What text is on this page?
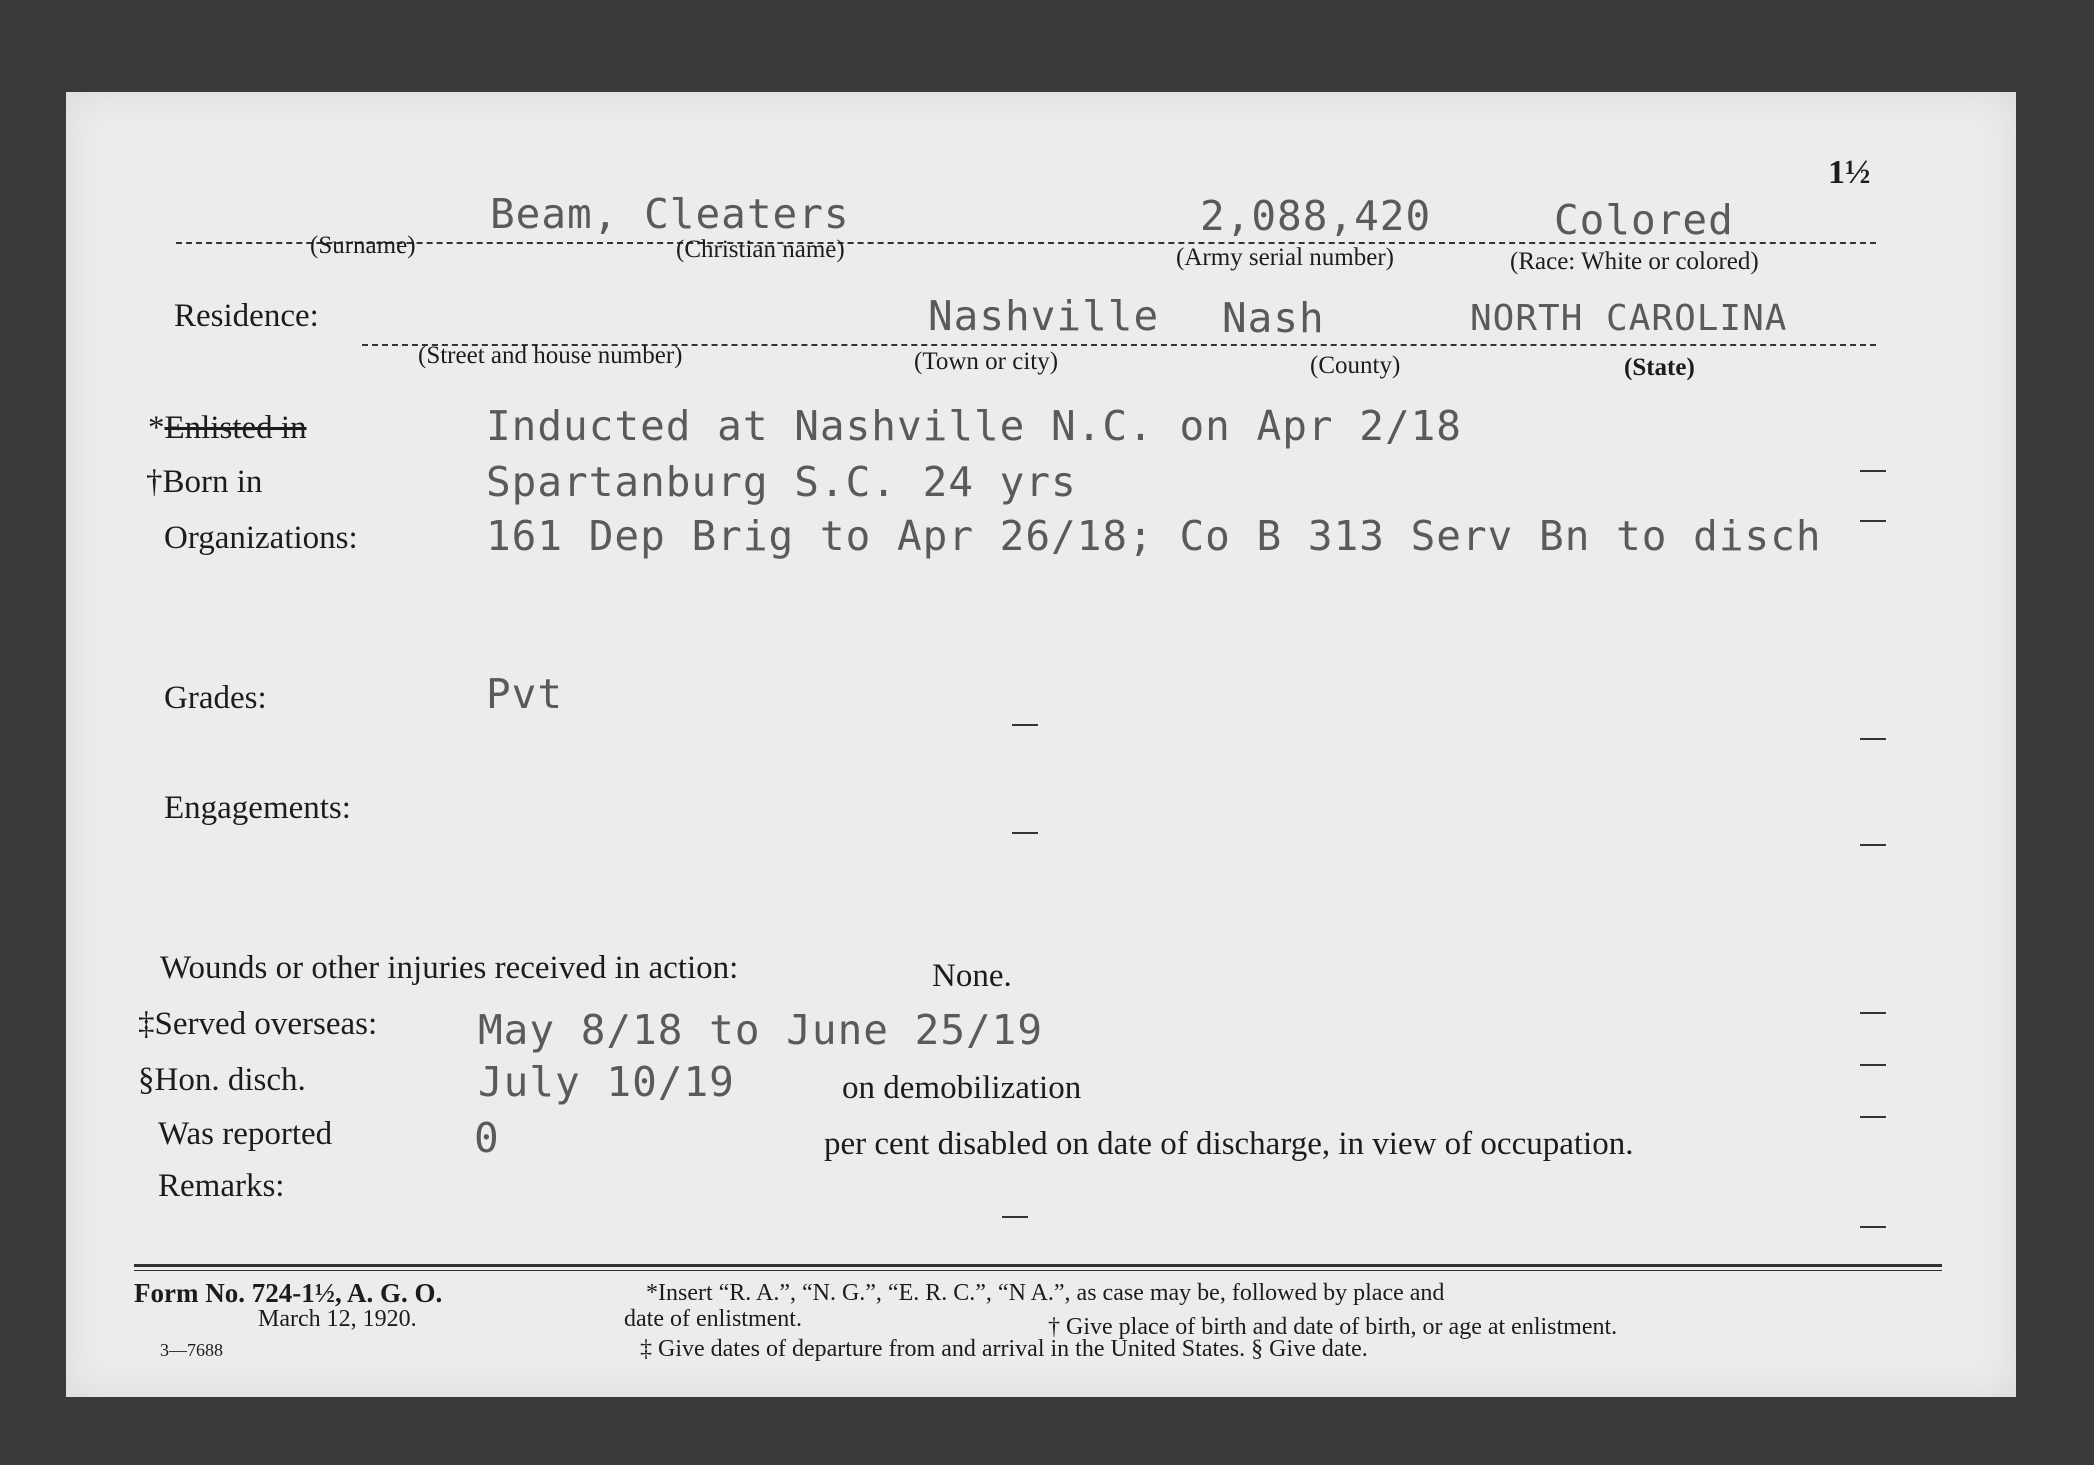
1½
Beam, Cleaters	2,088,420	Colored
(Surname)	(Christian name)	(Army serial number)	(Race: White or colored)
Residence:	Nashville Nash	NORTH CAROLINA
(Street and house number)	(Town or city)	(County)	(State)
*Enlisted in	Inducted at Nashville N.C. on Apr 2/18
†Born in	Spartanburg S.C. 24 yrs
Organizations:	161 Dep Brig to Apr 26/18; Co B 313 Serv Bn to disch
Grades:	Pvt
Engagements:
Wounds or other injuries received in action:	None.
‡Served overseas: May 8/18 to June 25/19
§Hon. disch.	July 10/19	on demobilization
Was reported	0	per cent disabled on date of discharge, in view of occupation.
Remarks:
Form No. 724-1½, A. G. O.
March 12, 1920.
3—7688
*Insert “R. A.”, “N. G.”, “E. R. C.”, “N A.”, as case may be, followed by place and
date of enlistment.	† Give place of birth and date of birth, or age at enlistment.
‡ Give dates of departure from and arrival in the United States. § Give date.
